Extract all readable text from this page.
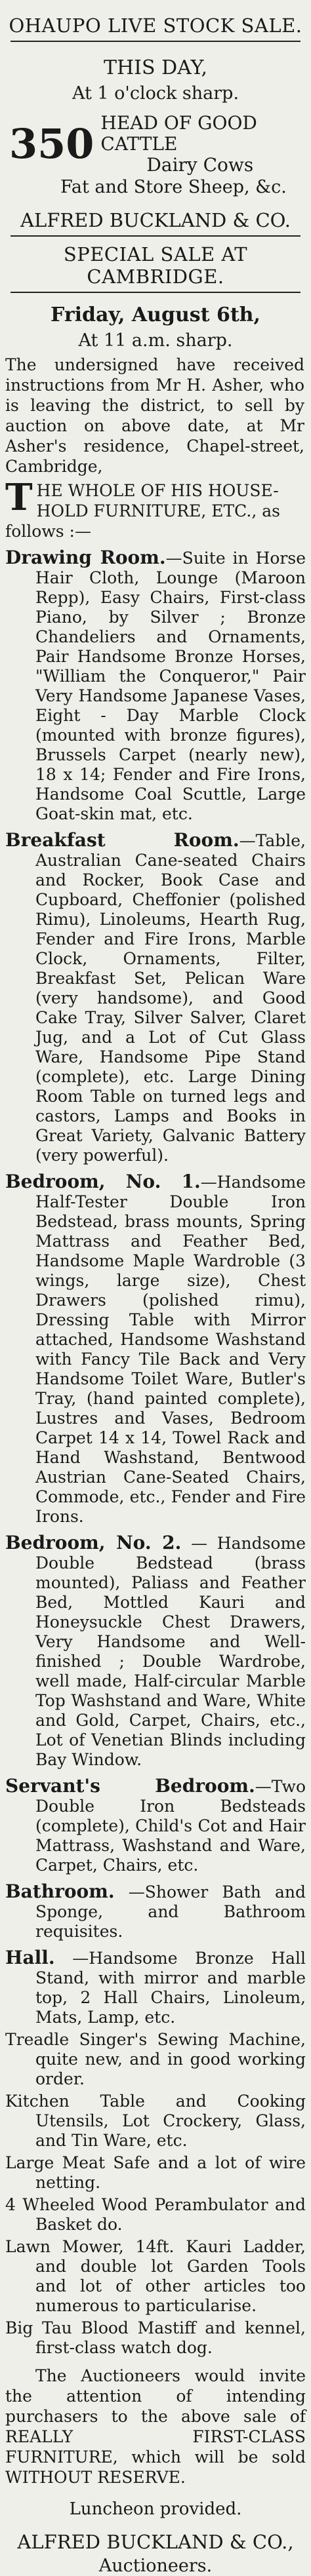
OHAUPO LIVE STOCK SALE.
THIS DAY,
At 1 o'clock sharp.
350 HEAD OF GOOD CATTLE
Dairy Cows
Fat and Store Sheep, &c.
ALFRED BUCKLAND & CO.
SPECIAL SALE AT CAMBRIDGE.
Friday, August 6th,
At 11 a.m. sharp.
The undersigned have received instructions from Mr H. Asher, who is leaving the district, to sell by auction on above date, at Mr Asher's residence, Chapel-street, Cambridge,
T HE WHOLE OF HIS HOUSE-HOLD FURNITURE, ETC., as follows :—
Drawing Room.—Suite in Horse Hair Cloth, Lounge (Maroon Repp), Easy Chairs, First-class Piano, by Silver ; Bronze Chandeliers and Ornaments, Pair Handsome Bronze Horses, "William the Conqueror," Pair Very Handsome Japanese Vases, Eight - Day Marble Clock (mounted with bronze figures), Brussels Carpet (nearly new), 18 x 14; Fender and Fire Irons, Handsome Coal Scuttle, Large Goat-skin mat, etc.
Breakfast Room.—Table, Australian Cane-seated Chairs and Rocker, Book Case and Cupboard, Cheffonier (polished Rimu), Linoleums, Hearth Rug, Fender and Fire Irons, Marble Clock, Ornaments, Filter, Breakfast Set, Pelican Ware (very handsome), and Good Cake Tray, Silver Salver, Claret Jug, and a Lot of Cut Glass Ware, Handsome Pipe Stand (complete), etc. Large Dining Room Table on turned legs and castors, Lamps and Books in Great Variety, Galvanic Battery (very powerful).
Bedroom, No. 1.—Handsome Half-Tester Double Iron Bedstead, brass mounts, Spring Mattrass and Feather Bed, Handsome Maple Wardroble (3 wings, large size), Chest Drawers (polished rimu), Dressing Table with Mirror attached, Handsome Washstand with Fancy Tile Back and Very Handsome Toilet Ware, Butler's Tray, (hand painted complete), Lustres and Vases, Bedroom Carpet 14 x 14, Towel Rack and Hand Washstand, Bentwood Austrian Cane-Seated Chairs, Commode, etc., Fender and Fire Irons.
Bedroom, No. 2. — Handsome Double Bedstead (brass mounted), Paliass and Feather Bed, Mottled Kauri and Honeysuckle Chest Drawers, Very Handsome and Well-finished ; Double Wardrobe, well made, Half-circular Marble Top Washstand and Ware, White and Gold, Carpet, Chairs, etc., Lot of Venetian Blinds including Bay Window.
Servant's Bedroom.—Two Double Iron Bedsteads (complete), Child's Cot and Hair Mattrass, Washstand and Ware, Carpet, Chairs, etc.
Bathroom. —Shower Bath and Sponge, and Bathroom requisites.
Hall. —Handsome Bronze Hall Stand, with mirror and marble top, 2 Hall Chairs, Linoleum, Mats, Lamp, etc.
Treadle Singer's Sewing Machine, quite new, and in good working order.
Kitchen Table and Cooking Utensils, Lot Crockery, Glass, and Tin Ware, etc.
Large Meat Safe and a lot of wire netting.
4 Wheeled Wood Perambulator and Basket do.
Lawn Mower, 14ft. Kauri Ladder, and double lot Garden Tools and lot of other articles too numerous to particularise.
Big Tau Blood Mastiff and kennel, first-class watch dog.
The Auctioneers would invite the attention of intending purchasers to the above sale of REALLY FIRST-CLASS FURNITURE, which will be sold WITHOUT RESERVE.
Luncheon provided.
ALFRED BUCKLAND & CO.,
Auctioneers.
